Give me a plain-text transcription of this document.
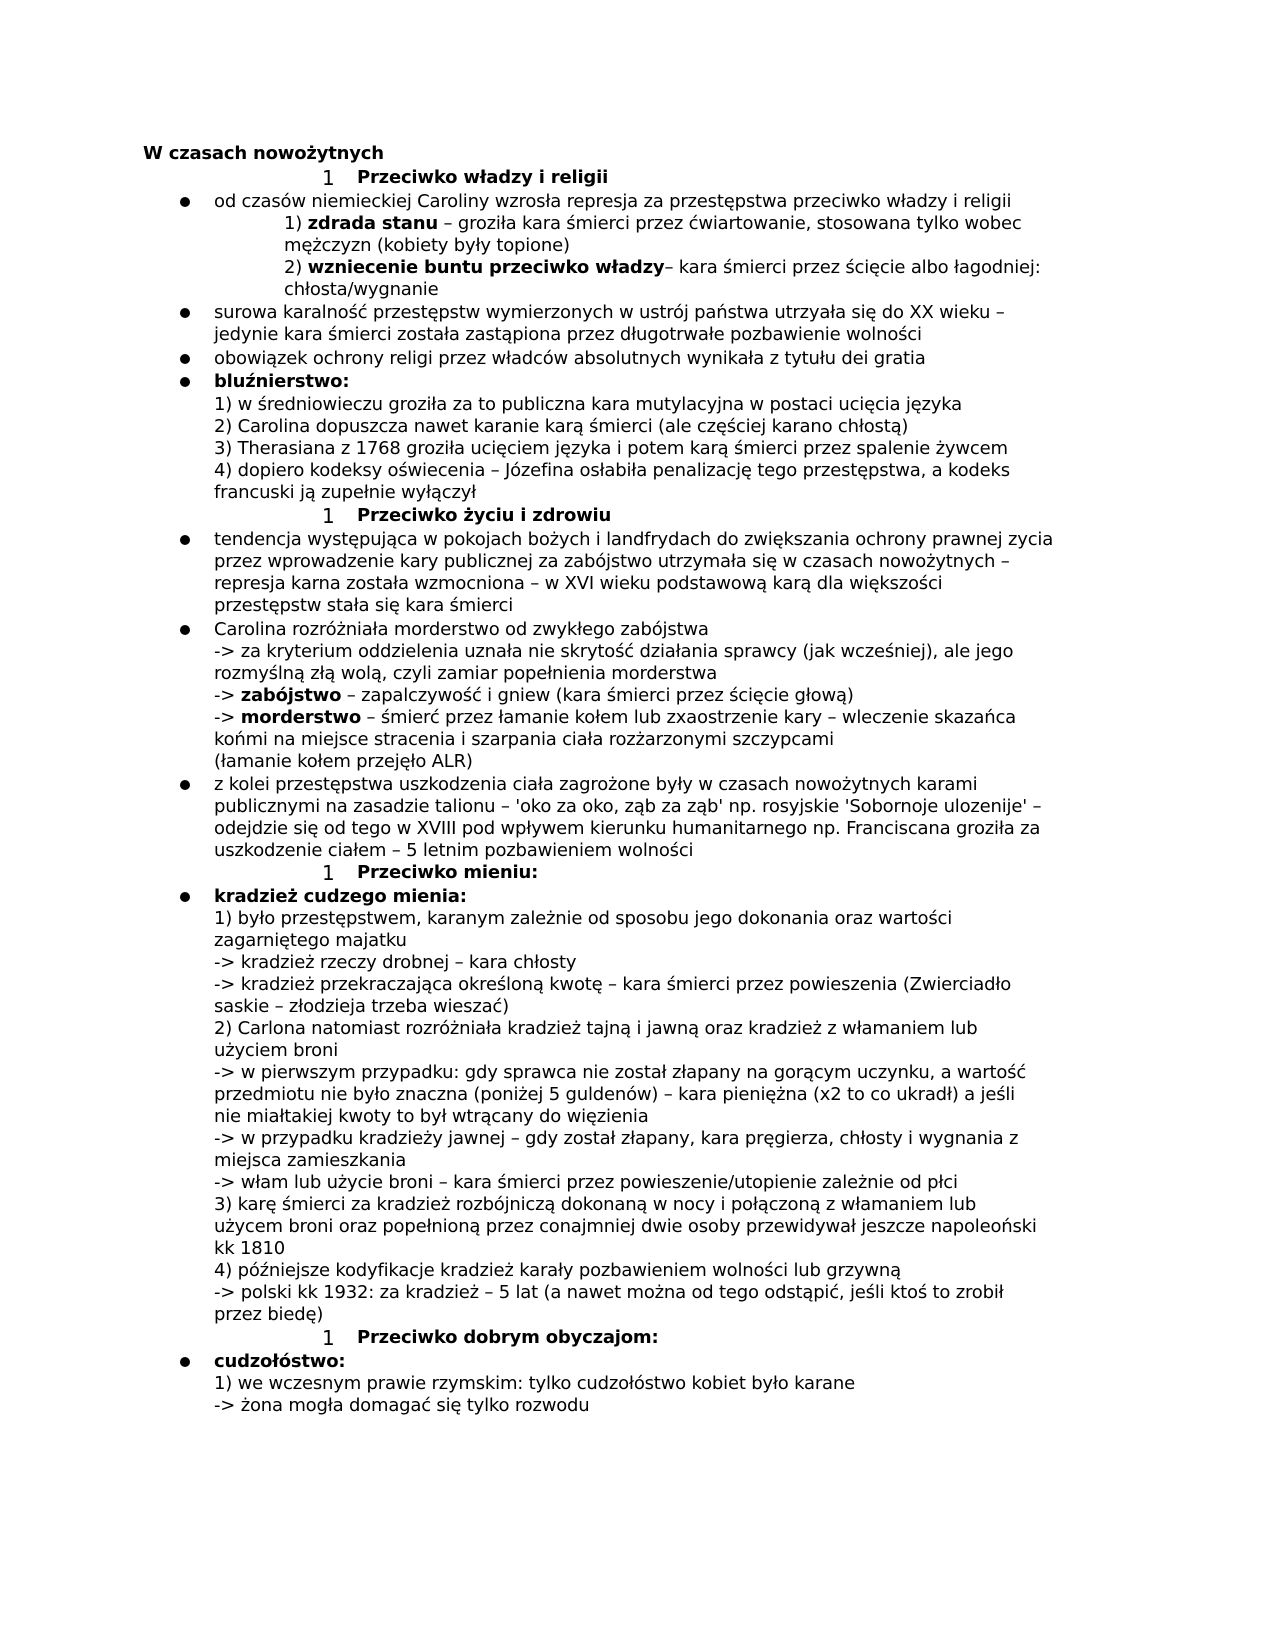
W czasach nowożytnych
1 Przeciwko władzy i religii
od czasów niemieckiej Caroliny wzrosła represja za przestępstwa przeciwko władzy i religii
1) zdrada stanu – groziła kara śmierci przez ćwiartowanie, stosowana tylko wobec
mężczyzn (kobiety były topione)
2) wzniecenie buntu przeciwko władzy– kara śmierci przez ścięcie albo łagodniej:
chłosta/wygnanie
surowa karalność przestępstw wymierzonych w ustrój państwa utrzyała się do XX wieku –
jedynie kara śmierci została zastąpiona przez długotrwałe pozbawienie wolności
obowiązek ochrony religi przez władców absolutnych wynikała z tytułu dei gratia
bluźnierstwo:
1) w średniowieczu groziła za to publiczna kara mutylacyjna w postaci ucięcia języka
2) Carolina dopuszcza nawet karanie karą śmierci (ale częściej karano chłostą)
3) Therasiana z 1768 groziła ucięciem języka i potem karą śmierci przez spalenie żywcem
4) dopiero kodeksy oświecenia – Józefina osłabiła penalizację tego przestępstwa, a kodeks
francuski ją zupełnie wyłączył
1 Przeciwko życiu i zdrowiu
tendencja występująca w pokojach bożych i landfrydach do zwiększania ochrony prawnej zycia
przez wprowadzenie kary publicznej za zabójstwo utrzymała się w czasach nowożytnych –
represja karna została wzmocniona – w XVI wieku podstawową karą dla większości
przestępstw stała się kara śmierci
Carolina rozróżniała morderstwo od zwykłego zabójstwa
-> za kryterium oddzielenia uznała nie skrytość działania sprawcy (jak wcześniej), ale jego
rozmyślną złą wolą, czyli zamiar popełnienia morderstwa
-> zabójstwo – zapalczywość i gniew (kara śmierci przez ścięcie głową)
-> morderstwo – śmierć przez łamanie kołem lub zxaostrzenie kary – wleczenie skazańca
końmi na miejsce stracenia i szarpania ciała rozżarzonymi szczypcami
(łamanie kołem przejęło ALR)
z kolei przestępstwa uszkodzenia ciała zagrożone były w czasach nowożytnych karami
publicznymi na zasadzie talionu – 'oko za oko, ząb za ząb' np. rosyjskie 'Sobornoje ulozenije' –
odejdzie się od tego w XVIII pod wpływem kierunku humanitarnego np. Franciscana groziła za
uszkodzenie ciałem – 5 letnim pozbawieniem wolności
1 Przeciwko mieniu:
kradzież cudzego mienia:
1) było przestępstwem, karanym zależnie od sposobu jego dokonania oraz wartości
zagarniętego majatku
-> kradzież rzeczy drobnej – kara chłosty
-> kradzież przekraczająca określoną kwotę – kara śmierci przez powieszenia (Zwierciadło
saskie – złodzieja trzeba wieszać)
2) Carlona natomiast rozróżniała kradzież tajną i jawną oraz kradzież z włamaniem lub
użyciem broni
-> w pierwszym przypadku: gdy sprawca nie został złapany na gorącym uczynku, a wartość
przedmiotu nie było znaczna (poniżej 5 guldenów) – kara pieniężna (x2 to co ukradł) a jeśli
nie miałtakiej kwoty to był wtrącany do więzienia
-> w przypadku kradzieży jawnej – gdy został złapany, kara pręgierza, chłosty i wygnania z
miejsca zamieszkania
-> włam lub użycie broni – kara śmierci przez powieszenie/utopienie zależnie od płci
3) karę śmierci za kradzież rozbójniczą dokonaną w nocy i połączoną z włamaniem lub
użycem broni oraz popełnioną przez conajmniej dwie osoby przewidywał jeszcze napoleoński
kk 1810
4) późniejsze kodyfikacje kradzież karały pozbawieniem wolności lub grzywną
-> polski kk 1932: za kradzież – 5 lat (a nawet można od tego odstąpić, jeśli ktoś to zrobił
przez biedę)
1 Przeciwko dobrym obyczajom:
cudzołóstwo:
1) we wczesnym prawie rzymskim: tylko cudzołóstwo kobiet było karane
-> żona mogła domagać się tylko rozwodu
